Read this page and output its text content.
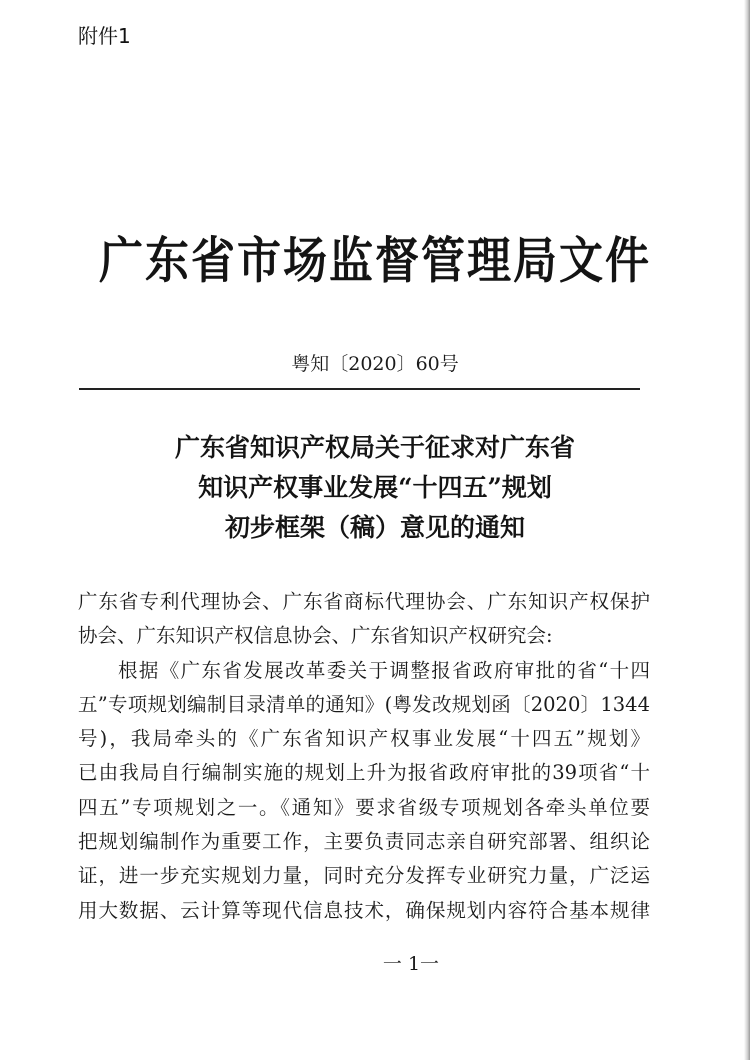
附件1
广东省市场监督管理局文件
粤知〔2020〕60号
广东省知识产权局关于征求对广东省
知识产权事业发展“十四五”规划
初步框架（稿）意见的通知
广东省专利代理协会、广东省商标代理协会、广东知识产权保护
协会、广东知识产权信息协会、广东省知识产权研究会:
根据《广东省发展改革委关于调整报省政府审批的省“十四
五”专项规划编制目录清单的通知》(粤发改规划函〔2020〕1344
号)，我局牵头的《广东省知识产权事业发展“十四五”规划》
已由我局自行编制实施的规划上升为报省政府审批的39项省“十
四五”专项规划之一。《通知》要求省级专项规划各牵头单位要
把规划编制作为重要工作，主要负责同志亲自研究部署、组织论
证，进一步充实规划力量，同时充分发挥专业研究力量，广泛运
用大数据、云计算等现代信息技术，确保规划内容符合基本规律
一 1一
